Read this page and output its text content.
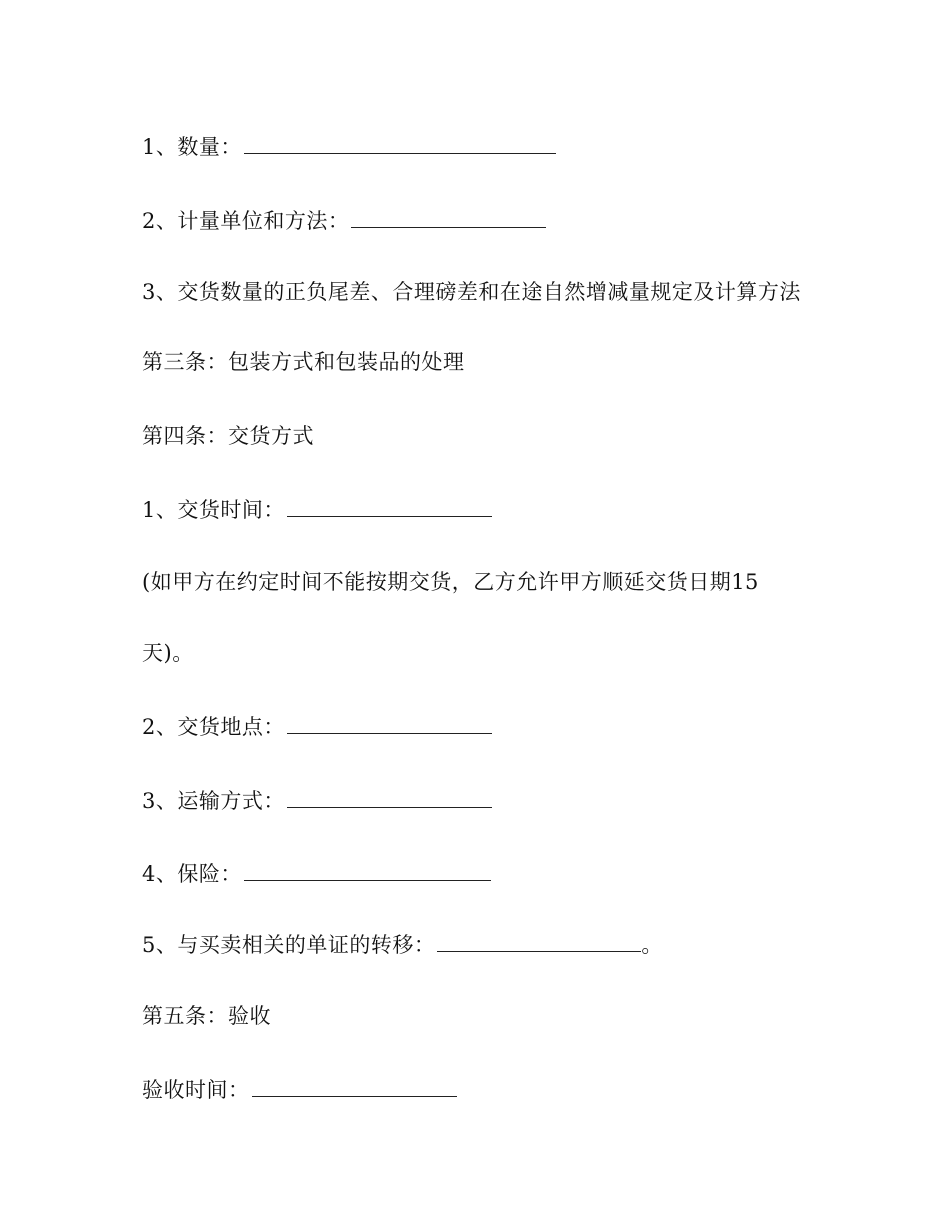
1、数量：
2、计量单位和方法：
3、交货数量的正负尾差、合理磅差和在途自然增减量规定及计算方法
第三条：包装方式和包装品的处理
第四条：交货方式
1、交货时间：
(如甲方在约定时间不能按期交货，乙方允许甲方顺延交货日期15
天)。
2、交货地点：
3、运输方式：
4、保险：
5、与买卖相关的单证的转移：	。
第五条：验收
验收时间：
